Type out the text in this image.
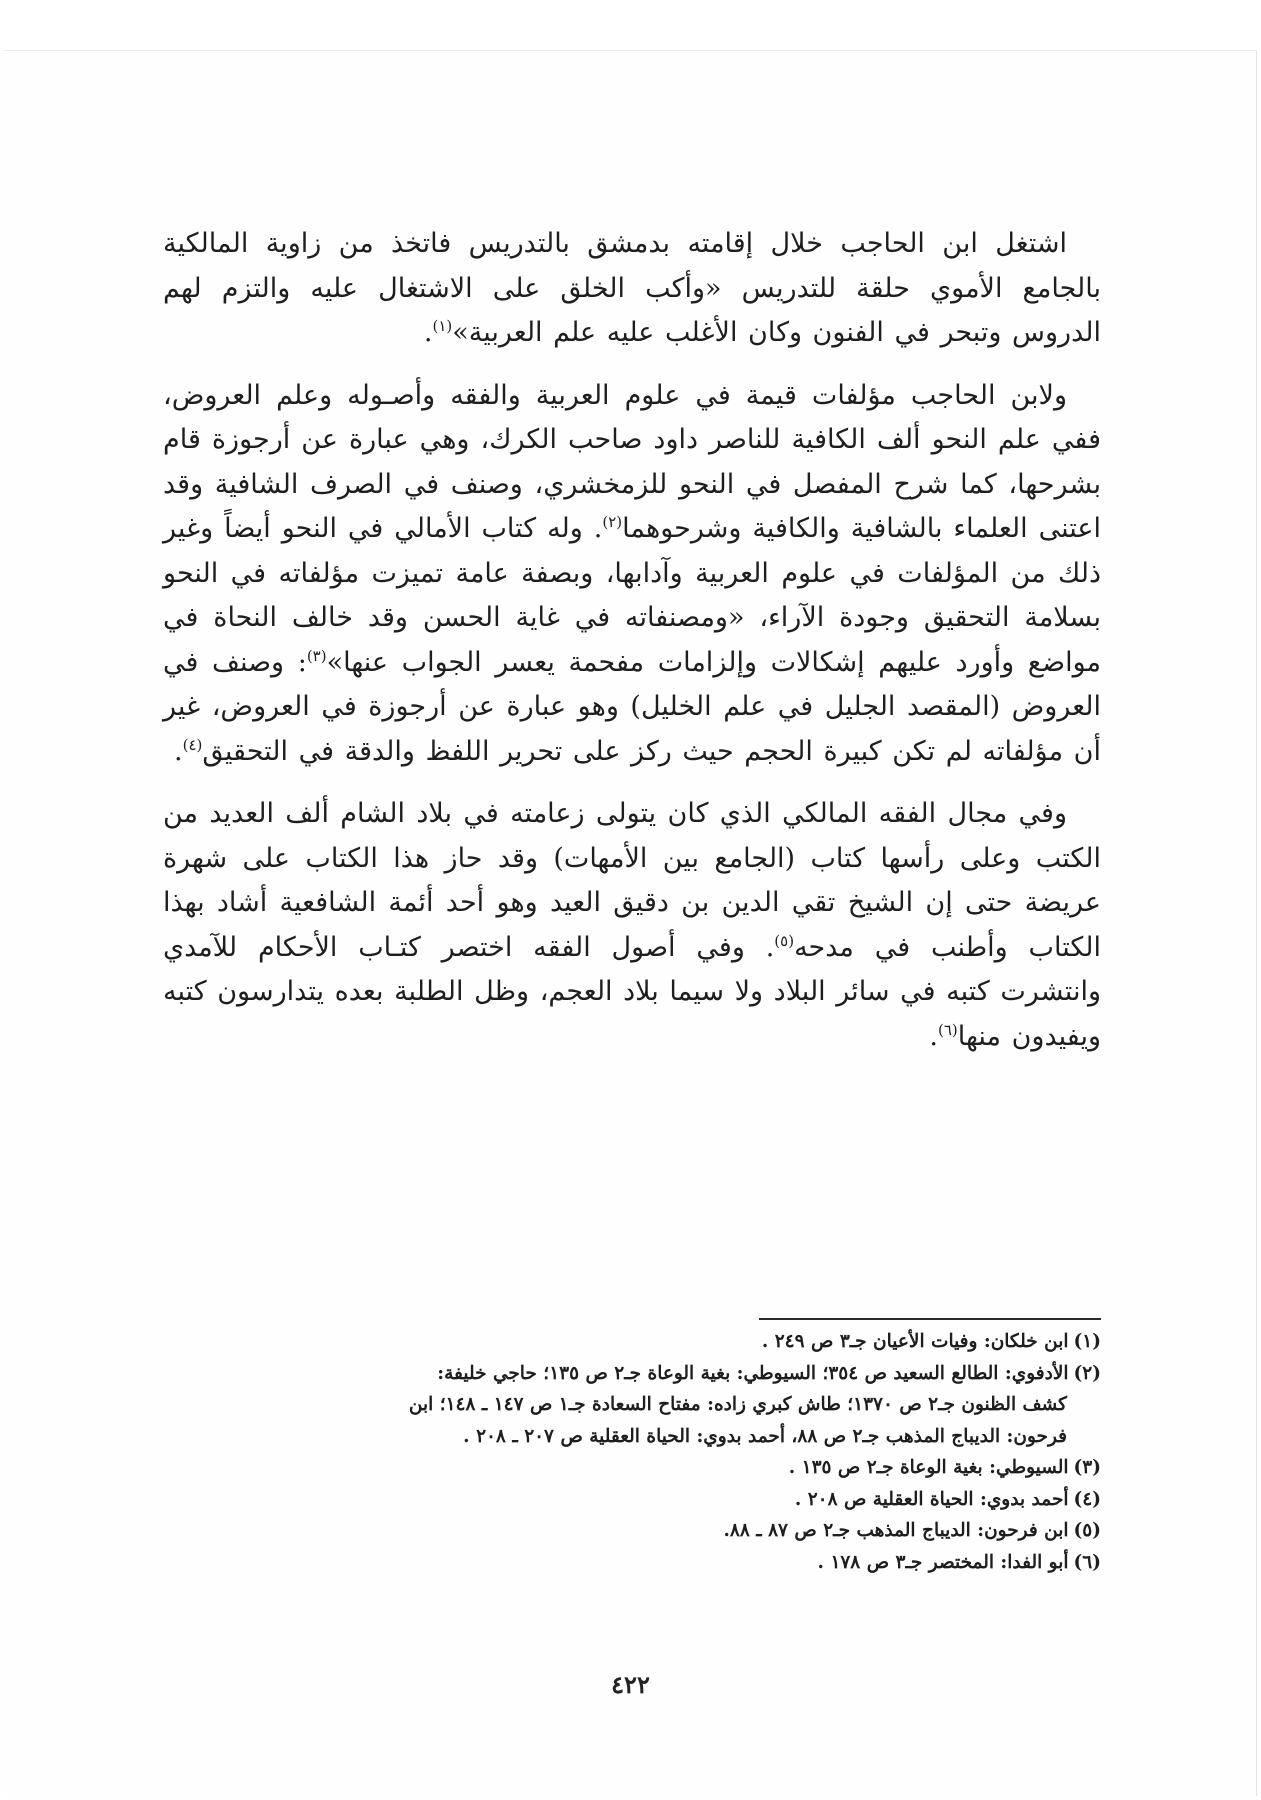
اشتغل ابن الحاجب خلال إقامته بدمشق بالتدريس فاتخذ من زاوية المالكية بالجامع الأموي حلقة للتدريس «وأكب الخلق على الاشتغال عليه والتزم لهم الدروس وتبحر في الفنون وكان الأغلب عليه علم العربية»$^{(١)}$.

ولابن الحاجب مؤلفات قيمة في علوم العربية والفقه وأصـوله وعلم العروض، ففي علم النحو ألف الكافية للناصر داود صاحب الكرك، وهي عبارة عن أرجوزة قام بشرحها، كما شرح المفصل في النحو للزمخشري، وصنف في الصرف الشافية وقد اعتنى العلماء بالشافية والكافية وشرحوهما$^{(٢)}$. وله كتاب الأمالي في النحو أيضاً وغير ذلك من المؤلفات في علوم العربية وآدابها، وبصفة عامة تميزت مؤلفاته في النحو بسلامة التحقيق وجودة الآراء، «ومصنفاته في غاية الحسن وقد خالف النحاة في مواضع وأورد عليهم إشكالات وإلزامات مفحمة يعسر الجواب عنها»$^{(٣)}$: وصنف في العروض (المقصد الجليل في علم الخليل) وهو عبارة عن أرجوزة في العروض، غير أن مؤلفاته لم تكن كبيرة الحجم حيث ركز على تحرير اللفظ والدقة في التحقيق$^{(٤)}$.

وفي مجال الفقه المالكي الذي كان يتولى زعامته في بلاد الشام ألف العديد من الكتب وعلى رأسها كتاب (الجامع بين الأمهات) وقد حاز هذا الكتاب على شهرة عريضة حتى إن الشيخ تقي الدين بن دقيق العيد وهو أحد أئمة الشافعية أشاد بهذا الكتاب وأطنب في مدحه$^{(٥)}$. وفي أصول الفقه اختصر كتـاب الأحكام للآمدي وانتشرت كتبه في سائر البلاد ولا سيما بلاد العجم، وظل الطلبة بعده يتدارسون كتبه ويفيدون منها$^{(٦)}$.

(١)ابن خلكان: وفيات الأعيان جـ٣ ص ٢٤٩ .

(٢)الأدفوي: الطالع السعيد ص ٣٥٤؛ السيوطي: بغية الوعاة جـ٢ ص ١٣٥؛ حاجي خليفة:
كشف الظنون جـ٢ ص ١٣٧٠؛ طاش كبري زاده: مفتاح السعادة جـ١ ص ١٤٧ ـ ١٤٨؛ ابن
فرحون: الديباج المذهب جـ٢ ص ٨٨، أحمد بدوي: الحياة العقلية ص ٢٠٧ ـ ٢٠٨ .

(٣)السيوطي: بغية الوعاة جـ٢ ص ١٣٥ .

(٤)أحمد بدوي: الحياة العقلية ص ٢٠٨ .

(٥)ابن فرحون: الديباج المذهب جـ٢ ص ٨٧ ـ ٨٨.

(٦)أبو الفدا: المختصر جـ٣ ص ١٧٨ .

٤٢٢
